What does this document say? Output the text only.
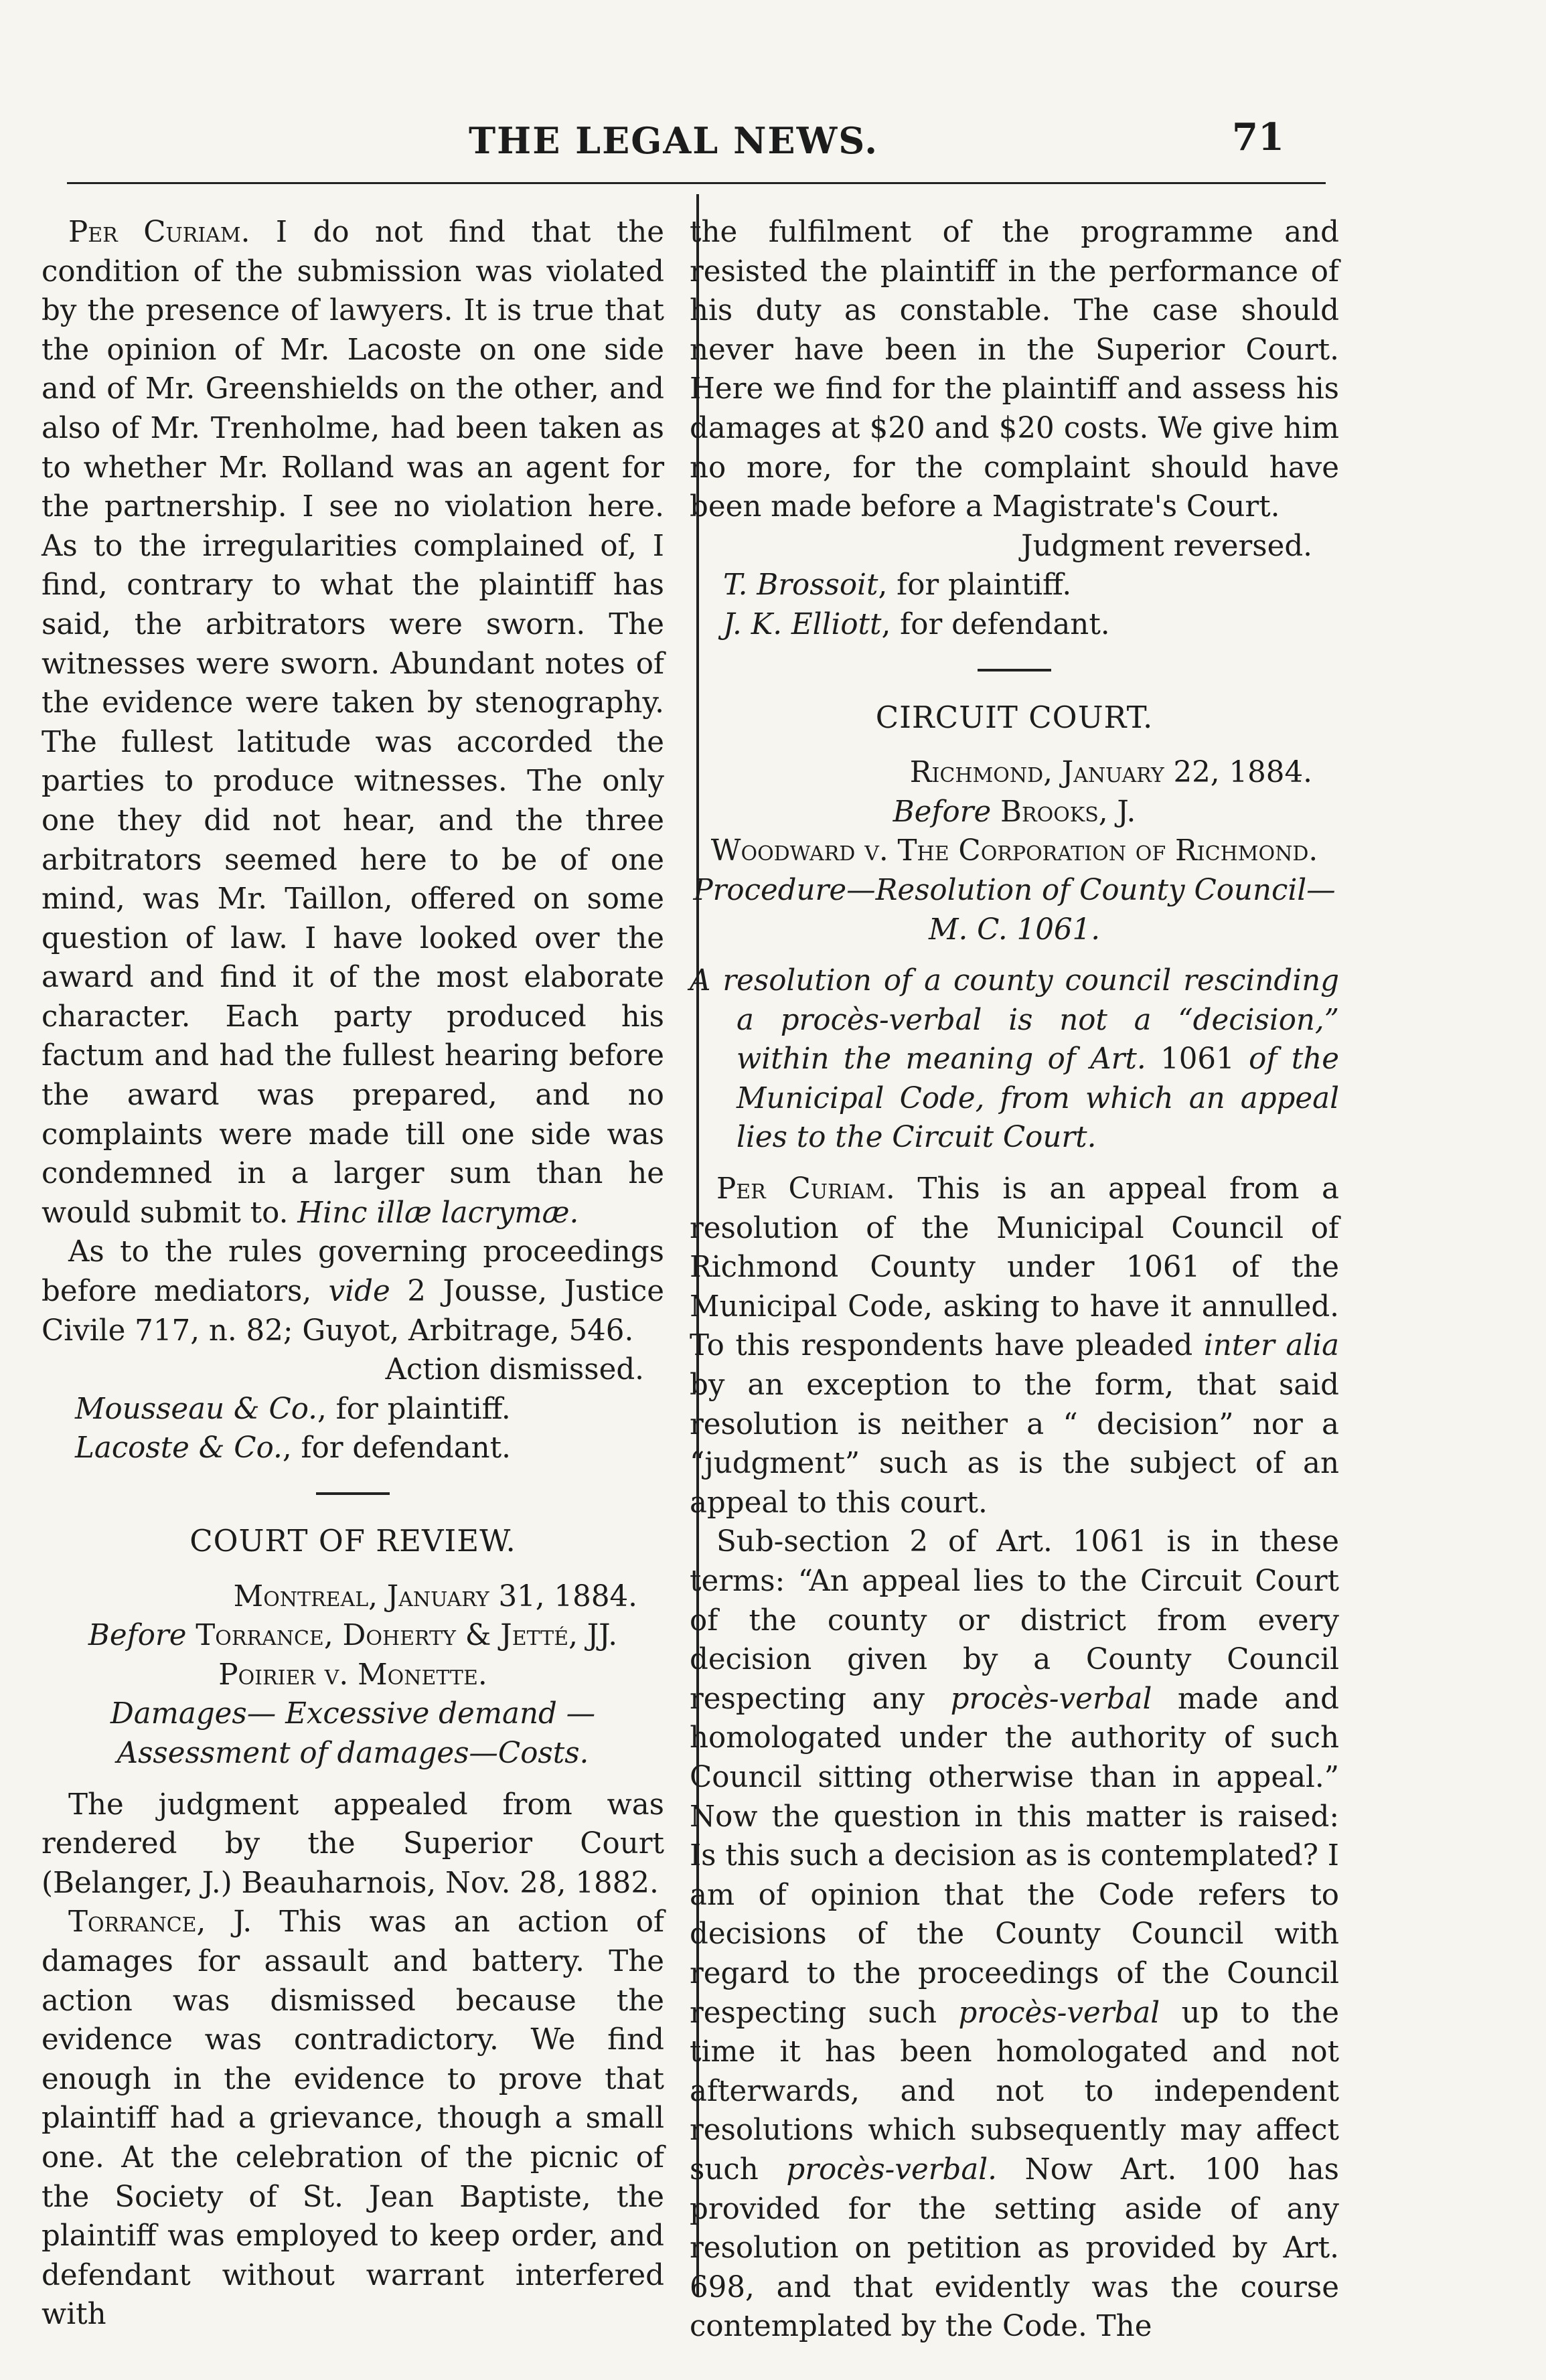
THE LEGAL NEWS.	71

Per Curiam. I do not find that the condition of the submission was violated by the presence of lawyers. It is true that the opinion of Mr. Lacoste on one side and of Mr. Greenshields on the other, and also of Mr. Trenholme, had been taken as to whether Mr. Rolland was an agent for the partnership. I see no violation here. As to the irregularities complained of, I find, contrary to what the plaintiff has said, the arbitrators were sworn. The witnesses were sworn. Abundant notes of the evidence were taken by stenography. The fullest latitude was accorded the parties to produce witnesses. The only one they did not hear, and the three arbitrators seemed here to be of one mind, was Mr. Taillon, offered on some question of law. I have looked over the award and find it of the most elaborate character. Each party produced his factum and had the fullest hearing before the award was prepared, and no complaints were made till one side was condemned in a larger sum than he would submit to. Hinc illæ lacrymæ.

As to the rules governing proceedings before mediators, vide 2 Jousse, Justice Civile 717, n. 82; Guyot, Arbitrage, 546.

Action dismissed.

Mousseau & Co., for plaintiff.

Lacoste & Co., for defendant.

COURT OF REVIEW.

Montreal, January 31, 1884.

Before Torrance, Doherty & Jetté, JJ.

Poirier v. Monette.

Damages— Excessive demand — Assessment of damages—Costs.

The judgment appealed from was rendered by the Superior Court (Belanger, J.) Beauharnois, Nov. 28, 1882.

Torrance, J. This was an action of damages for assault and battery. The action was dismissed because the evidence was contradictory. We find enough in the evidence to prove that plaintiff had a grievance, though a small one. At the celebration of the picnic of the Society of St. Jean Baptiste, the plaintiff was employed to keep order, and defendant without warrant interfered with

the fulfilment of the programme and resisted the plaintiff in the performance of his duty as constable. The case should never have been in the Superior Court. Here we find for the plaintiff and assess his damages at $20 and $20 costs. We give him no more, for the complaint should have been made before a Magistrate's Court.

Judgment reversed.

T. Brossoit, for plaintiff.

J. K. Elliott, for defendant.

CIRCUIT COURT.

Richmond, January 22, 1884.

Before Brooks, J.

Woodward v. The Corporation of Richmond.

Procedure—Resolution of County Council—M. C. 1061.

A resolution of a county council rescinding a procès-verbal is not a “decision,” within the meaning of Art. 1061 of the Municipal Code, from which an appeal lies to the Circuit Court.

Per Curiam. This is an appeal from a resolution of the Municipal Council of Richmond County under 1061 of the Municipal Code, asking to have it annulled. To this respondents have pleaded inter alia by an exception to the form, that said resolution is neither a “ decision” nor a “judgment” such as is the subject of an appeal to this court.

Sub-section 2 of Art. 1061 is in these terms: “An appeal lies to the Circuit Court of the county or district from every decision given by a County Council respecting any procès-verbal made and homologated under the authority of such Council sitting otherwise than in appeal.” Now the question in this matter is raised: Is this such a decision as is contemplated? I am of opinion that the Code refers to decisions of the County Council with regard to the proceedings of the Council respecting such procès-verbal up to the time it has been homologated and not afterwards, and not to independent resolutions which subsequently may affect such procès-verbal. Now Art. 100 has provided for the setting aside of any resolution on petition as provided by Art. 698, and that evidently was the course contemplated by the Code. The
